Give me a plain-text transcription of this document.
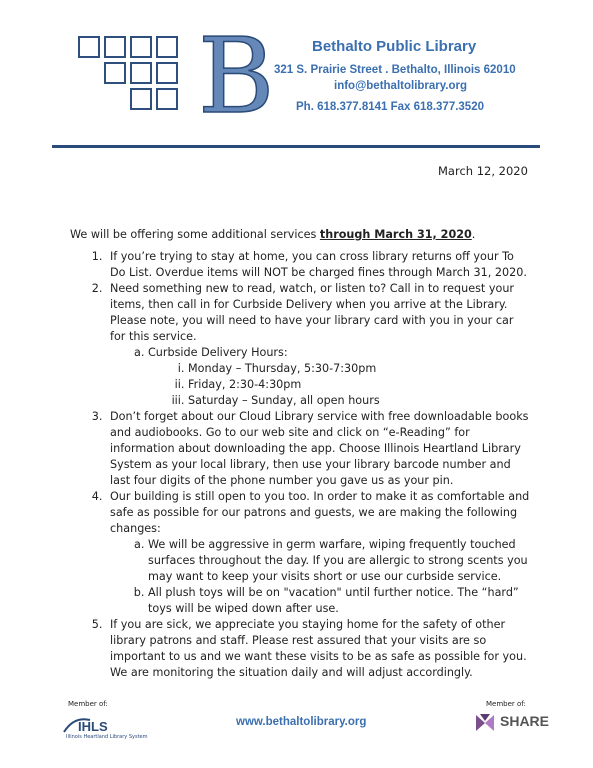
B	Bethalto Public Library
321 S. Prairie Street . Bethalto, Illinois 62010
info@bethaltolibrary.org
Ph. 618.377.8141 Fax 618.377.3520
March 12, 2020

We will be offering some additional services through March 31, 2020.

1. If you’re trying to stay at home, you can cross library returns off your To Do List. Overdue items will NOT be charged fines through March 31, 2020.
2. Need something new to read, watch, or listen to? Call in to request your items, then call in for Curbside Delivery when you arrive at the Library. Please note, you will need to have your library card with you in your car for this service.
a. Curbside Delivery Hours:
i. Monday – Thursday, 5:30-7:30pm
ii. Friday, 2:30-4:30pm
iii. Saturday – Sunday, all open hours
3. Don’t forget about our Cloud Library service with free downloadable books and audiobooks. Go to our web site and click on “e-Reading” for information about downloading the app. Choose Illinois Heartland Library System as your local library, then use your library barcode number and last four digits of the phone number you gave us as your pin.
4. Our building is still open to you too. In order to make it as comfortable and safe as possible for our patrons and guests, we are making the following changes:
a. We will be aggressive in germ warfare, wiping frequently touched surfaces throughout the day. If you are allergic to strong scents you may want to keep your visits short or use our curbside service.
b. All plush toys will be on "vacation" until further notice. The “hard” toys will be wiped down after use.
5. If you are sick, we appreciate you staying home for the safety of other library patrons and staff. Please rest assured that your visits are so important to us and we want these visits to be as safe as possible for you. We are monitoring the situation daily and will adjust accordingly.
Member of:
IHLS
Illinois Heartland Library System
www.bethaltolibrary.org
Member of:
SHARE
